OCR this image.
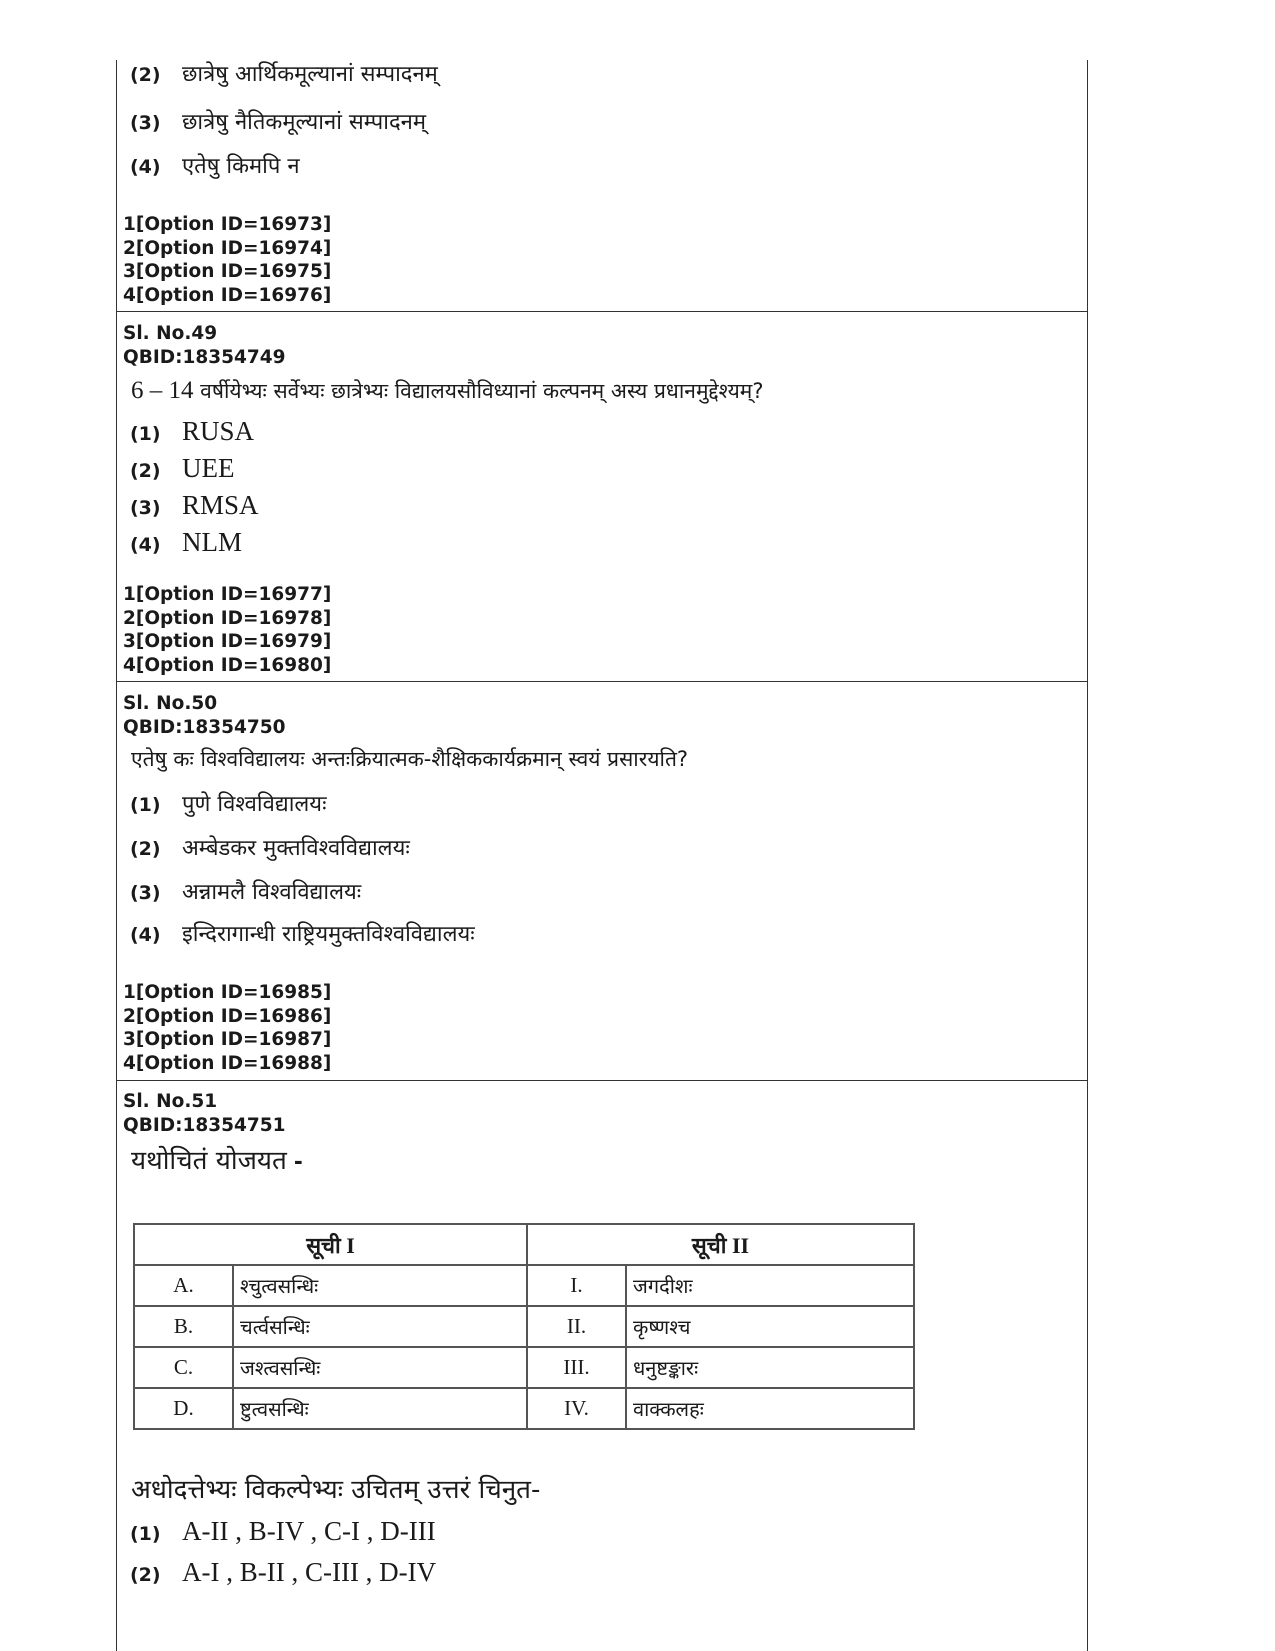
(2) छात्रेषु आर्थिकमूल्यानां सम्पादनम्
(3) छात्रेषु नैतिकमूल्यानां सम्पादनम्
(4) एतेषु किमपि न
1[Option ID=16973]
2[Option ID=16974]
3[Option ID=16975]
4[Option ID=16976]
Sl. No.49
QBID:18354749
6 – 14 वर्षीयेभ्यः सर्वेभ्यः छात्रेभ्यः विद्यालयसौविध्यानां कल्पनम् अस्य प्रधानमुद्देश्यम्?
(1) RUSA
(2) UEE
(3) RMSA
(4) NLM
1[Option ID=16977]
2[Option ID=16978]
3[Option ID=16979]
4[Option ID=16980]
Sl. No.50
QBID:18354750
एतेषु कः विश्वविद्यालयः अन्तःक्रियात्मक-शैक्षिककार्यक्रमान् स्वयं प्रसारयति?
(1) पुणे विश्वविद्यालयः
(2) अम्बेडकर मुक्तविश्वविद्यालयः
(3) अन्नामलै विश्वविद्यालयः
(4) इन्दिरागान्धी राष्ट्रियमुक्तविश्वविद्यालयः
1[Option ID=16985]
2[Option ID=16986]
3[Option ID=16987]
4[Option ID=16988]
Sl. No.51
QBID:18354751
यथोचितं योजयत -
सूची I		सूची II	
A.	श्चुत्वसन्धिः	I.	जगदीशः
B.	चर्त्वसन्धिः	II.	कृष्णश्च
C.	जश्त्वसन्धिः	III.	धनुष्टङ्कारः
D.	ष्टुत्वसन्धिः	IV.	वाक्कलहः
अधोदत्तेभ्यः विकल्पेभ्यः उचितम् उत्तरं चिनुत-
(1) A-II , B-IV , C-I , D-III
(2) A-I , B-II , C-III , D-IV
